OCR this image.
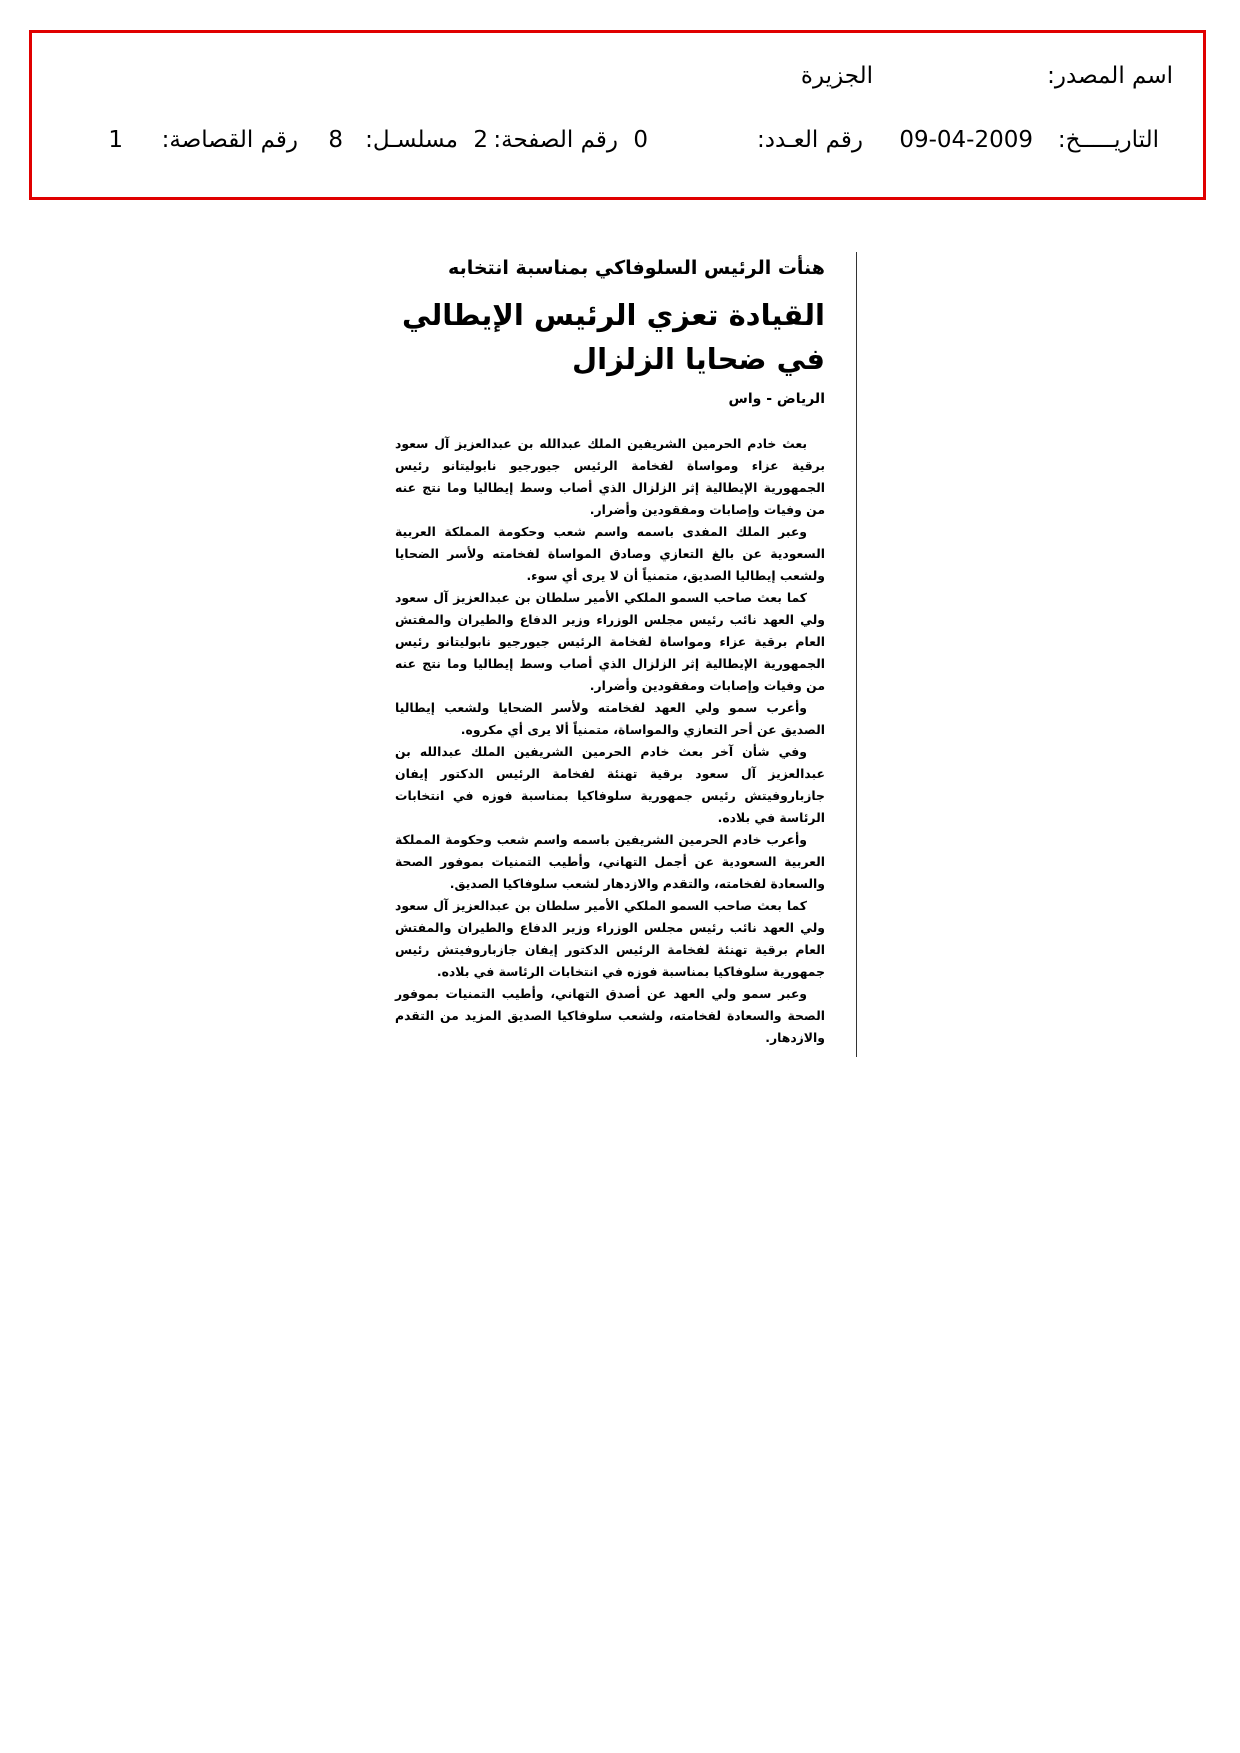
اسم المصدر:
الجزيرة
التاريـــــخ:
09-04-2009
رقم العـدد:
0
رقم الصفحة:
2
مسلسـل:
8
رقم القصاصة:
1
هنأت الرئيس السلوفاكي بمناسبة انتخابه
القيادة تعزي الرئيس الإيطالي
في ضحايا الزلزال
الرياض - واس

بعث خادم الحرمين الشريفين الملك عبدالله بن عبدالعزيز آل سعود برقية عزاء ومواساة لفخامة الرئيس جيورجيو نابوليتانو رئيس الجمهورية الإيطالية إثر الزلزال الذي أصاب وسط إيطاليا وما نتج عنه من وفيات وإصابات ومفقودين وأضرار.

وعبر الملك المفدى باسمه واسم شعب وحكومة المملكة العربية السعودية عن بالغ التعازي وصادق المواساة لفخامته ولأسر الضحايا ولشعب إيطاليا الصديق، متمنياً أن لا يرى أي سوء.

كما بعث صاحب السمو الملكي الأمير سلطان بن عبدالعزيز آل سعود ولي العهد نائب رئيس مجلس الوزراء وزير الدفاع والطيران والمفتش العام برقية عزاء ومواساة لفخامة الرئيس جيورجيو نابوليتانو رئيس الجمهورية الإيطالية إثر الزلزال الذي أصاب وسط إيطاليا وما نتج عنه من وفيات وإصابات ومفقودين وأضرار.

وأعرب سمو ولي العهد لفخامته ولأسر الضحايا ولشعب إيطاليا الصديق عن أحر التعازي والمواساة، متمنياً ألا يرى أي مكروه.

وفي شأن آخر بعث خادم الحرمين الشريفين الملك عبدالله بن عبدالعزيز آل سعود برقية تهنئة لفخامة الرئيس الدكتور إيفان جازباروفيتش رئيس جمهورية سلوفاكيا بمناسبة فوزه في انتخابات الرئاسة في بلاده.

وأعرب خادم الحرمين الشريفين باسمه واسم شعب وحكومة المملكة العربية السعودية عن أجمل التهاني، وأطيب التمنيات بموفور الصحة والسعادة لفخامته، والتقدم والازدهار لشعب سلوفاكيا الصديق.

كما بعث صاحب السمو الملكي الأمير سلطان بن عبدالعزيز آل سعود ولي العهد نائب رئيس مجلس الوزراء وزير الدفاع والطيران والمفتش العام برقية تهنئة لفخامة الرئيس الدكتور إيفان جازباروفيتش رئيس جمهورية سلوفاكيا بمناسبة فوزه في انتخابات الرئاسة في بلاده.

وعبر سمو ولي العهد عن أصدق التهاني، وأطيب التمنيات بموفور الصحة والسعادة لفخامته، ولشعب سلوفاكيا الصديق المزيد من التقدم والازدهار.
